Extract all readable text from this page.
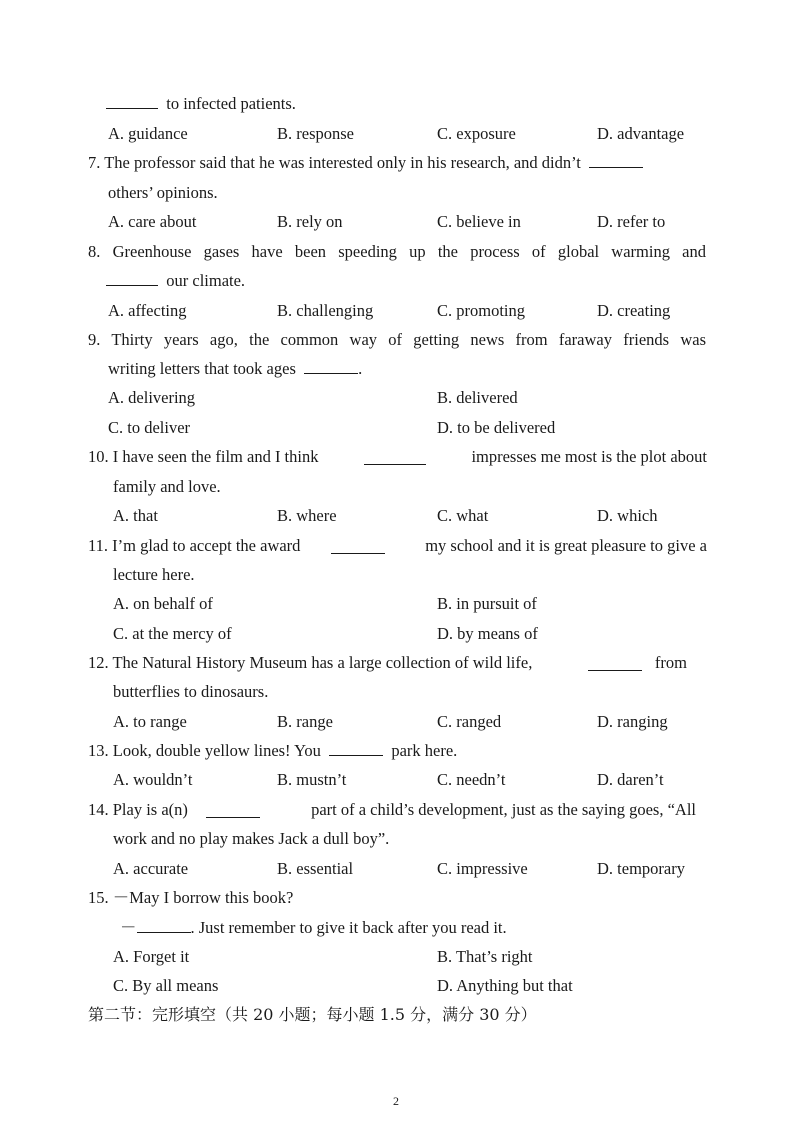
to infected patients.
A. guidance	B. response	C. exposure	D. advantage
7. The professor said that he was interested only in his research, and didn’t
others’ opinions.
A. care about	B. rely on	C. believe in	D. refer to
8. Greenhouse gases have been speeding up the process of global warming and
our climate.
A. affecting	B. challenging	C. promoting	D. creating
9. Thirty years ago, the common way of getting news from faraway friends was
writing letters that took ages	.
A. delivering	B. delivered
C. to deliver	D. to be delivered
10. I have seen the film and I think	impresses me most is the plot about
family and love.
A. that	B. where	C. what	D. which
11. I’m glad to accept the award	my school and it is great pleasure to give a
lecture here.
A. on behalf of	B. in pursuit of
C. at the mercy of	D. by means of
12. The Natural History Museum has a large collection of wild life,	from
butterflies to dinosaurs.
A. to range	B. range	C. ranged	D. ranging
13. Look, double yellow lines! You	park here.
A. wouldn’t	B. mustn’t	C. needn’t	D. daren’t
14. Play is a(n)	part of a child’s development, just as the saying goes, “All
work and no play makes Jack a dull boy”.
A. accurate	B. essential	C. impressive	D. temporary
15. －May I borrow this book?
－	. Just remember to give it back after you read it.
A. Forget it	B. That’s right
C. By all means	D. Anything but that
第二节：完形填空（共 20 小题；每小题 1.5 分，满分 30 分）
2
